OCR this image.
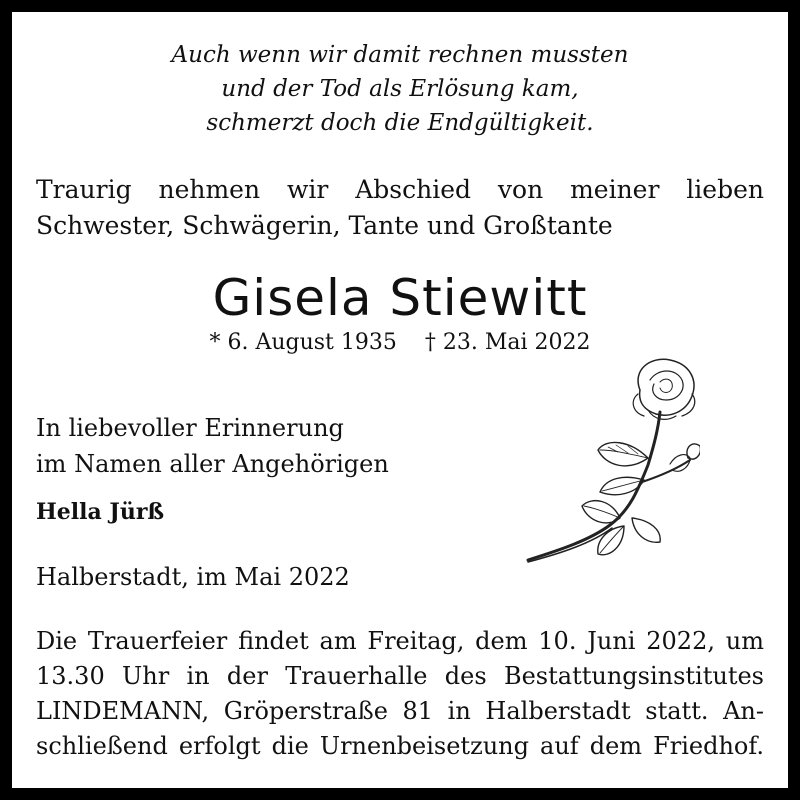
Auch wenn wir damit rechnen mussten
und der Tod als Erlösung kam,
schmerzt doch die Endgültigkeit.
Traurig nehmen wir Abschied von meiner lieben
Schwester, Schwägerin, Tante und Großtante
Gisela Stiewitt
* 6. August 1935    † 23. Mai 2022
In liebevoller Erinnerung
im Namen aller Angehörigen
Hella Jürß
Halberstadt, im Mai 2022
Die Trauerfeier findet am Freitag, dem 10. Juni 2022, um
13.30 Uhr in der Trauerhalle des Bestattungsinstitutes
LINDEMANN, Gröperstraße 81 in Halberstadt statt. An-
schließend erfolgt die Urnenbeisetzung auf dem Friedhof.
